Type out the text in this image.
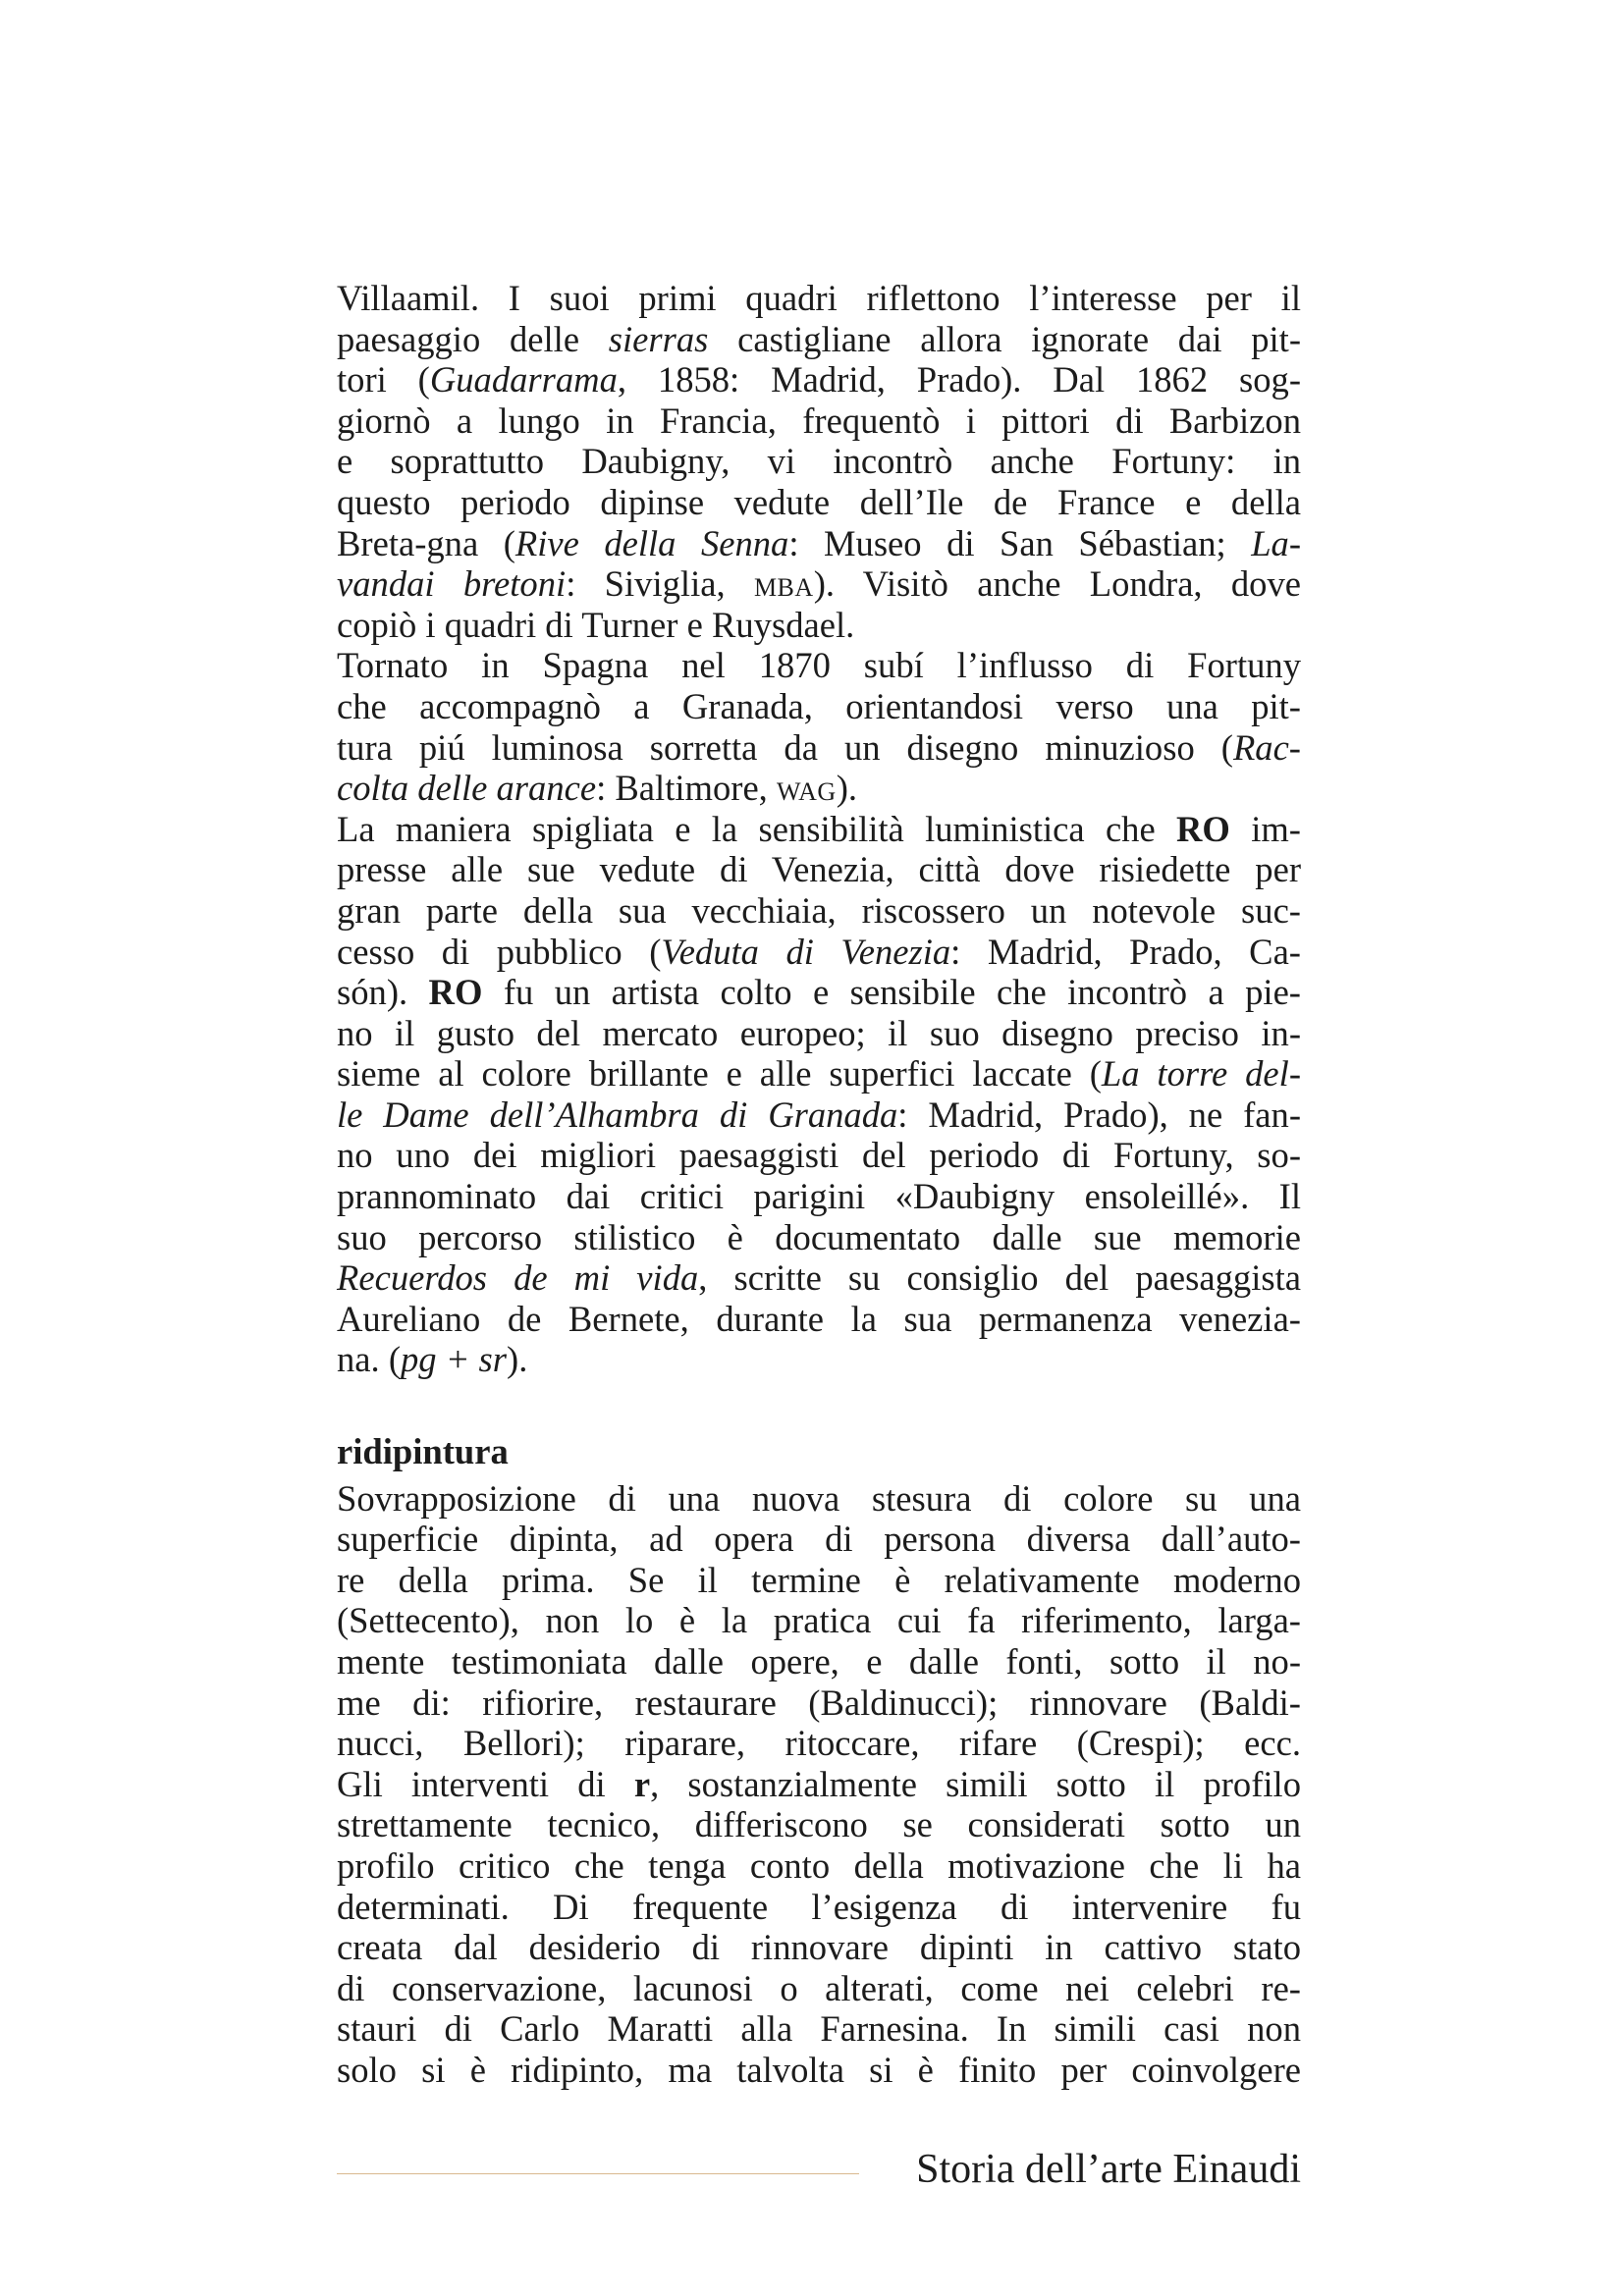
Villaamil. I suoi primi quadri riflettono l’interesse per il
paesaggio delle sierras castigliane allora ignorate dai pit-
tori (Guadarrama, 1858: Madrid, Prado). Dal 1862 sog-
giornò a lungo in Francia, frequentò i pittori di Barbizon
e soprattutto Daubigny, vi incontrò anche Fortuny: in
questo periodo dipinse vedute dell’Ile de France e della
Breta-gna (Rive della Senna: Museo di San Sébastian; La-
vandai bretoni: Siviglia, mba). Visitò anche Londra, dove
copiò i quadri di Turner e Ruysdael.
Tornato in Spagna nel 1870 subí l’influsso di Fortuny
che accompagnò a Granada, orientandosi verso una pit-
tura piú luminosa sorretta da un disegno minuzioso (Rac-
colta delle arance: Baltimore, wag).
La maniera spigliata e la sensibilità luministica che RO im-
presse alle sue vedute di Venezia, città dove risiedette per
gran parte della sua vecchiaia, riscossero un notevole suc-
cesso di pubblico (Veduta di Venezia: Madrid, Prado, Ca-
són). RO fu un artista colto e sensibile che incontrò a pie-
no il gusto del mercato europeo; il suo disegno preciso in-
sieme al colore brillante e alle superfici laccate (La torre del-
le Dame dell’Alhambra di Granada: Madrid, Prado), ne fan-
no uno dei migliori paesaggisti del periodo di Fortuny, so-
prannominato dai critici parigini «Daubigny ensoleillé». Il
suo percorso stilistico è documentato dalle sue memorie
Recuerdos de mi vida, scritte su consiglio del paesaggista
Aureliano de Bernete, durante la sua permanenza venezia-
na. (pg + sr).
ridipintura
Sovrapposizione di una nuova stesura di colore su una
superficie dipinta, ad opera di persona diversa dall’auto-
re della prima. Se il termine è relativamente moderno
(Settecento), non lo è la pratica cui fa riferimento, larga-
mente testimoniata dalle opere, e dalle fonti, sotto il no-
me di: rifiorire, restaurare (Baldinucci); rinnovare (Baldi-
nucci, Bellori); riparare, ritoccare, rifare (Crespi); ecc.
Gli interventi di r, sostanzialmente simili sotto il profilo
strettamente tecnico, differiscono se considerati sotto un
profilo critico che tenga conto della motivazione che li ha
determinati. Di frequente l’esigenza di intervenire fu
creata dal desiderio di rinnovare dipinti in cattivo stato
di conservazione, lacunosi o alterati, come nei celebri re-
stauri di Carlo Maratti alla Farnesina. In simili casi non
solo si è ridipinto, ma talvolta si è finito per coinvolgere
Storia dell’arte Einaudi
